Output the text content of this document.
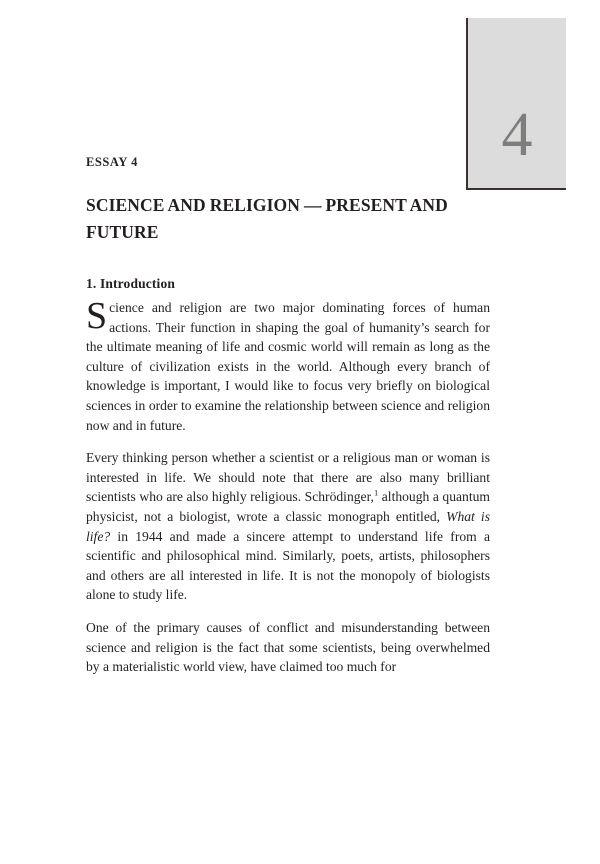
4
ESSAY 4
SCIENCE AND RELIGION — PRESENT AND FUTURE
1. Introduction

Science and religion are two major dominating forces of human actions. Their function in shaping the goal of humanity’s search for the ultimate meaning of life and cosmic world will remain as long as the culture of civilization exists in the world. Although every branch of knowledge is important, I would like to focus very briefly on biological sciences in order to examine the relationship between science and religion now and in future.

Every thinking person whether a scientist or a religious man or woman is interested in life. We should note that there are also many brilliant scientists who are also highly religious. Schrödinger,$^1$ although a quantum physicist, not a biologist, wrote a classic monograph entitled, What is life? in 1944 and made a sincere attempt to understand life from a scientific and philosophical mind. Similarly, poets, artists, philosophers and others are all interested in life. It is not the monopoly of biologists alone to study life.

One of the primary causes of conflict and misunderstanding between science and religion is the fact that some scientists, being overwhelmed by a materialistic world view, have claimed too much for
